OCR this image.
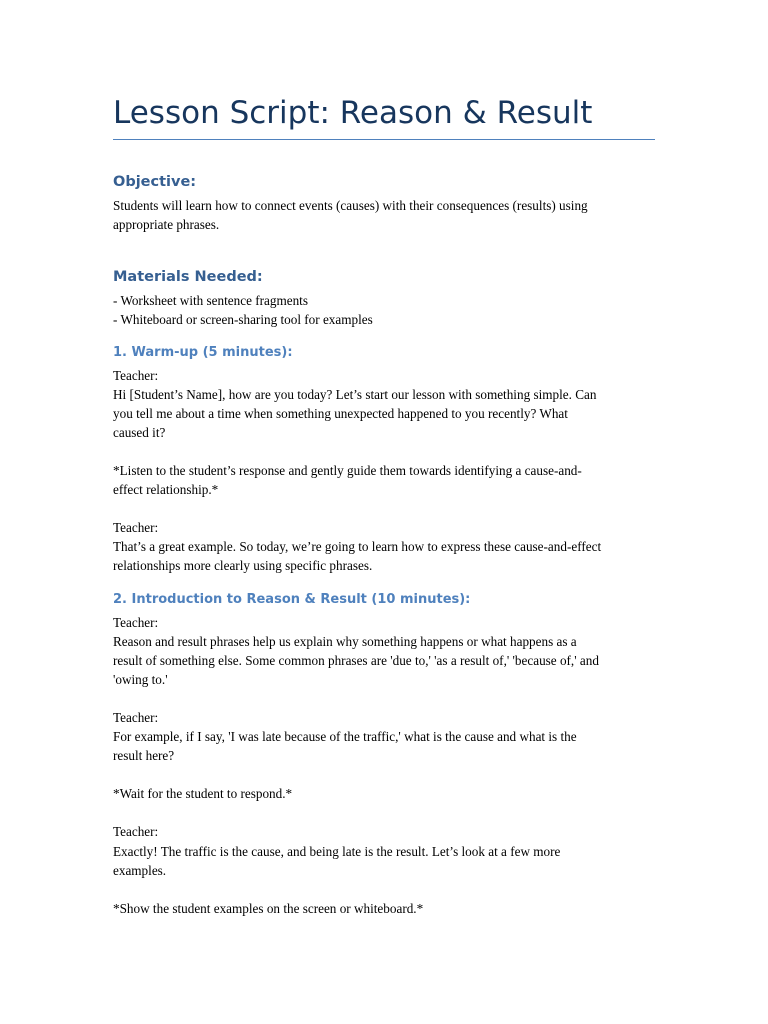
Lesson Script: Reason & Result
Objective:

Students will learn how to connect events (causes) with their consequences (results) using

appropriate phrases.

Materials Needed:

- Worksheet with sentence fragments

- Whiteboard or screen-sharing tool for examples

1. Warm-up (5 minutes):

Teacher:

Hi [Student’s Name], how are you today? Let’s start our lesson with something simple. Can

you tell me about a time when something unexpected happened to you recently? What

caused it?

*Listen to the student’s response and gently guide them towards identifying a cause-and-

effect relationship.*

Teacher:

That’s a great example. So today, we’re going to learn how to express these cause-and-effect

relationships more clearly using specific phrases.

2. Introduction to Reason & Result (10 minutes):

Teacher:

Reason and result phrases help us explain why something happens or what happens as a

result of something else. Some common phrases are 'due to,' 'as a result of,' 'because of,' and

'owing to.'

Teacher:

For example, if I say, 'I was late because of the traffic,' what is the cause and what is the

result here?

*Wait for the student to respond.*

Teacher:

Exactly! The traffic is the cause, and being late is the result. Let’s look at a few more

examples.

*Show the student examples on the screen or whiteboard.*
